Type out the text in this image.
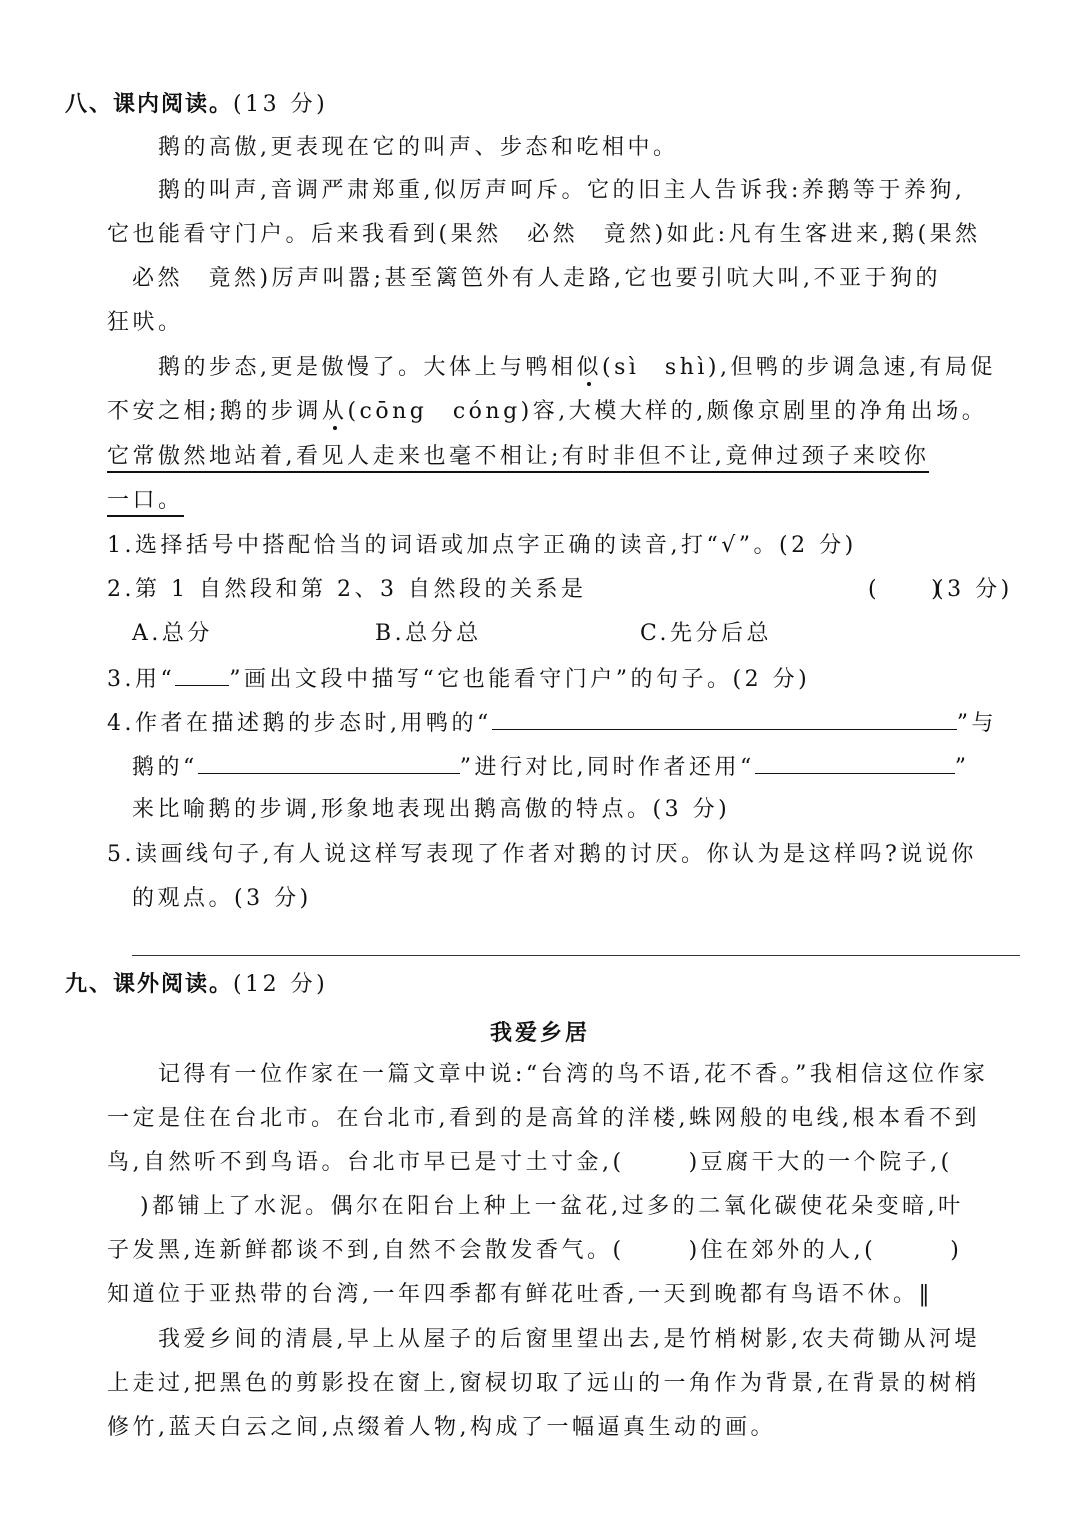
八、课内阅读。(13 分)
鹅的高傲,更表现在它的叫声、步态和吃相中。
鹅的叫声,音调严肃郑重,似厉声呵斥。它的旧主人告诉我:养鹅等于养狗,
它也能看守门户。后来我看到(果然　必然　竟然)如此:凡有生客进来,鹅(果然
必然　竟然)厉声叫嚣;甚至篱笆外有人走路,它也要引吭大叫,不亚于狗的
狂吠。
鹅的步态,更是傲慢了。大体上与鸭相似(sì　shì),但鸭的步调急速,有局促
不安之相;鹅的步调从(cōng　cóng)容,大模大样的,颇像京剧里的净角出场。
它常傲然地站着,看见人走来也毫不相让;有时非但不让,竟伸过颈子来咬你
一口。
1.选择括号中搭配恰当的词语或加点字正确的读音,打“√”。(2 分)
2.第 1 自然段和第 2、3 自然段的关系是	(　　)
(3 分)
A.总分	B.总分总	C.先分后总
3.用“ ”画出文段中描写“它也能看守门户”的句子。(2 分)
4.作者在描述鹅的步态时,用鸭的“	”与
鹅的“	”进行对比,同时作者还用“	”
来比喻鹅的步调,形象地表现出鹅高傲的特点。(3 分)
5.读画线句子,有人说这样写表现了作者对鹅的讨厌。你认为是这样吗?说说你
的观点。(3 分)
九、课外阅读。(12 分)
我爱乡居
记得有一位作家在一篇文章中说:“台湾的鸟不语,花不香。”我相信这位作家
一定是住在台北市。在台北市,看到的是高耸的洋楼,蛛网般的电线,根本看不到
鸟,自然听不到鸟语。台北市早已是寸土寸金,(	)豆腐干大的一个院子,(
)都铺上了水泥。偶尔在阳台上种上一盆花,过多的二氧化碳使花朵变暗,叶
子发黑,连新鲜都谈不到,自然不会散发香气。(	)住在郊外的人,(	)
知道位于亚热带的台湾,一年四季都有鲜花吐香,一天到晚都有鸟语不休。‖
我爱乡间的清晨,早上从屋子的后窗里望出去,是竹梢树影,农夫荷锄从河堤
上走过,把黑色的剪影投在窗上,窗棂切取了远山的一角作为背景,在背景的树梢
修竹,蓝天白云之间,点缀着人物,构成了一幅逼真生动的画。
